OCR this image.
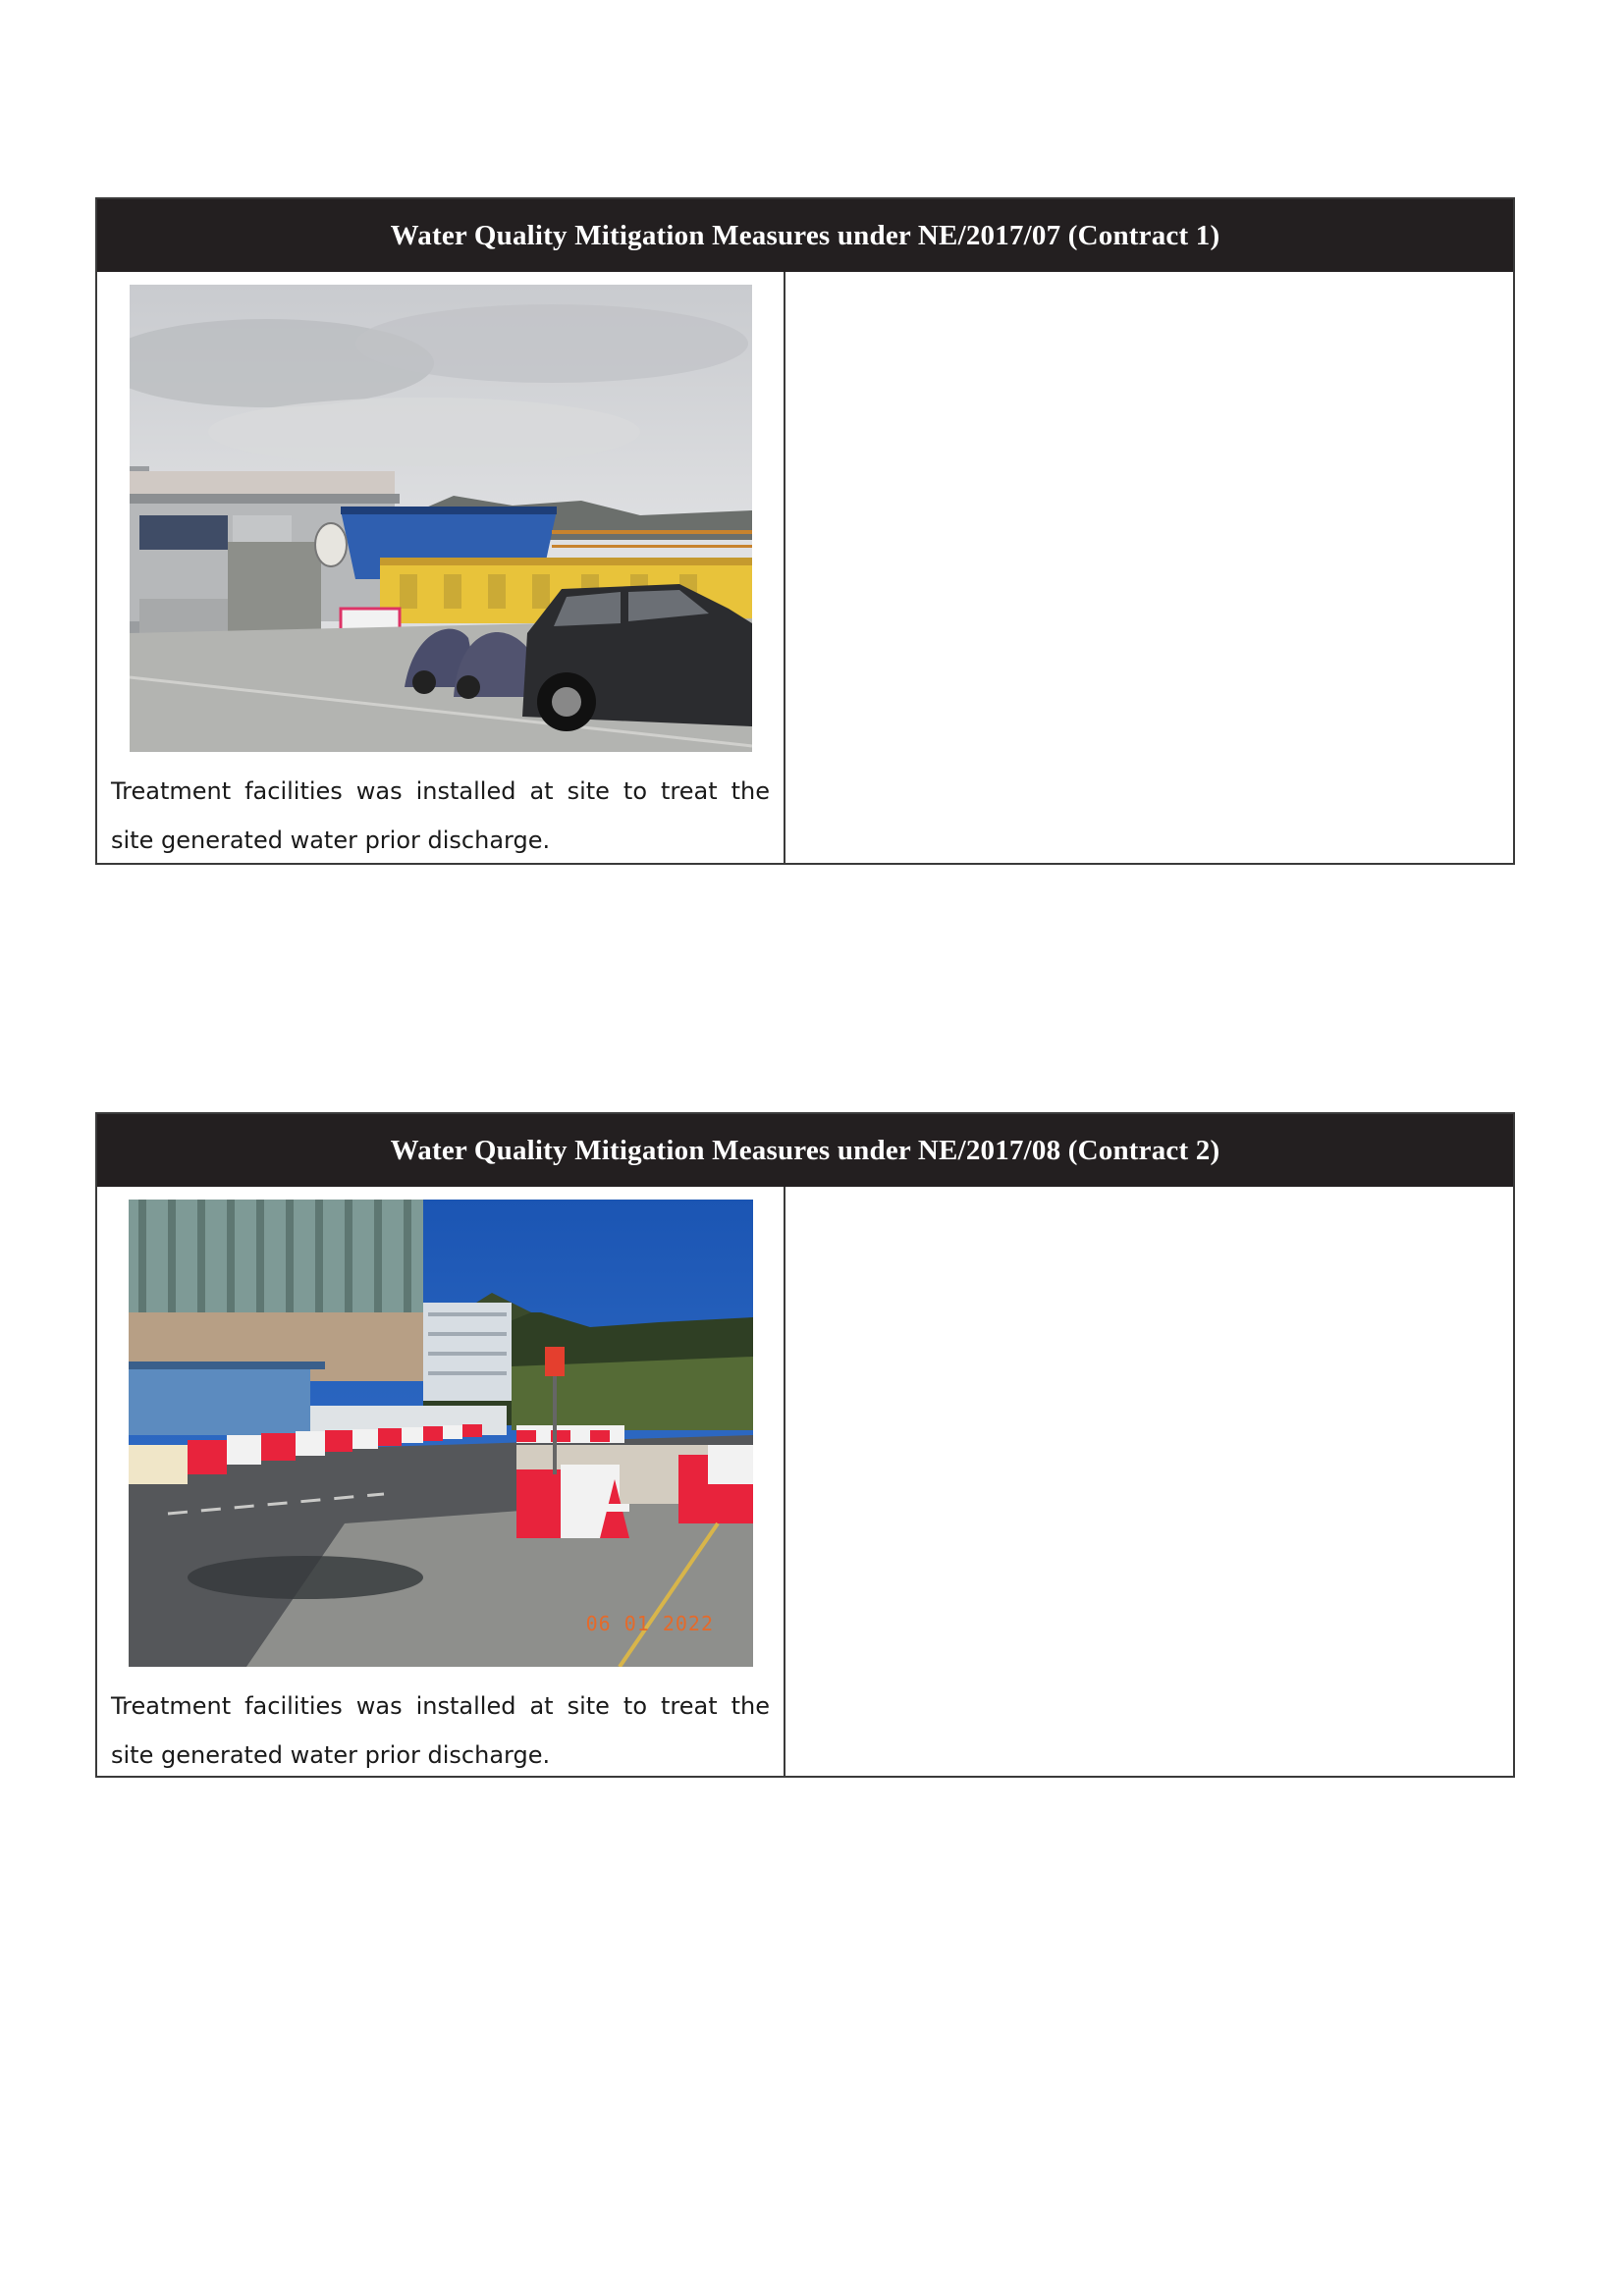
Water Quality Mitigation Measures under NE/2017/07 (Contract 1)

Treatment facilities was installed at site to treat the site generated water prior discharge.

Water Quality Mitigation Measures under NE/2017/08 (Contract 2)
06 01 2022

Treatment facilities was installed at site to treat the site generated water prior discharge.
